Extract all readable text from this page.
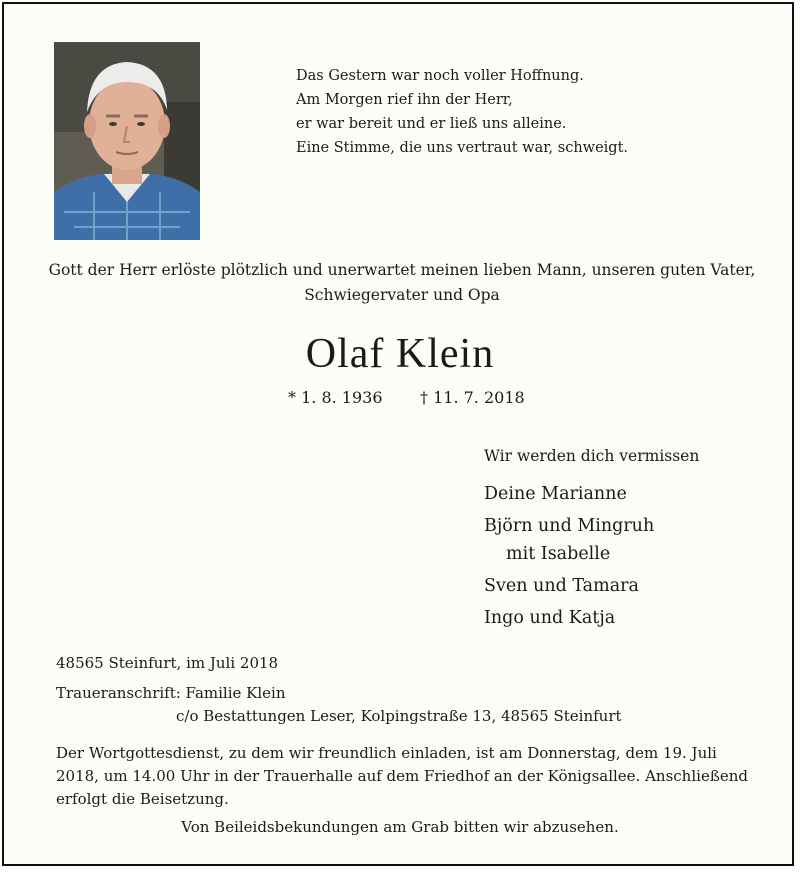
Das Gestern war noch voller Hoffnung.
Am Morgen rief ihn der Herr,
er war bereit und er ließ uns alleine.
Eine Stimme, die uns vertraut war, schweigt.
Gott der Herr erlöste plötzlich und unerwartet meinen lieben Mann, unseren guten Vater,
Schwiegervater und Opa
Olaf Klein
* 1. 8. 1936 † 11. 7. 2018
Wir werden dich vermissen
Deine Marianne
Björn und Mingruh
mit Isabelle
Sven und Tamara
Ingo und Katja
48565 Steinfurt, im Juli 2018
Traueranschrift: Familie Klein
c/o Bestattungen Leser, Kolpingstraße 13, 48565 Steinfurt
Der Wortgottesdienst, zu dem wir freundlich einladen, ist am Donnerstag, dem 19. Juli 2018, um 14.00 Uhr in der Trauerhalle auf dem Friedhof an der Königsallee. Anschließend erfolgt die Beisetzung.
Von Beileidsbekundungen am Grab bitten wir abzusehen.
